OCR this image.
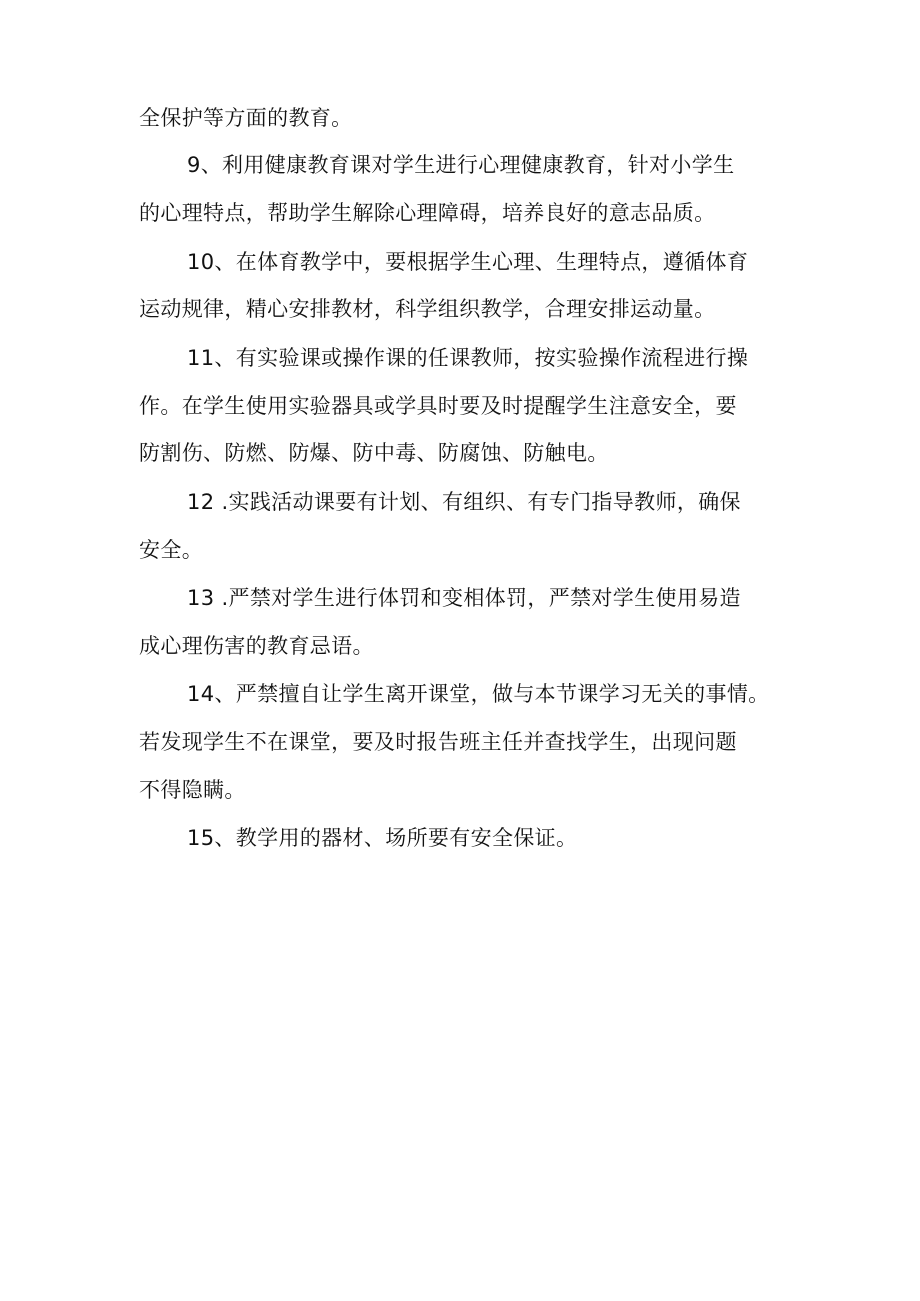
全保护等方面的教育。

9、利用健康教育课对学生进行心理健康教育，针对小学生

的心理特点，帮助学生解除心理障碍，培养良好的意志品质。

10、在体育教学中，要根据学生心理、生理特点，遵循体育

运动规律，精心安排教材，科学组织教学，合理安排运动量。

11、有实验课或操作课的任课教师，按实验操作流程进行操

作。在学生使用实验器具或学具时要及时提醒学生注意安全，要

防割伤、防燃、防爆、防中毒、防腐蚀、防触电。

12 .实践活动课要有计划、有组织、有专门指导教师，确保

安全。

13 .严禁对学生进行体罚和变相体罚，严禁对学生使用易造

成心理伤害的教育忌语。

14、严禁擅自让学生离开课堂，做与本节课学习无关的事情。

若发现学生不在课堂，要及时报告班主任并查找学生，出现问题

不得隐瞒。

15、教学用的器材、场所要有安全保证。
